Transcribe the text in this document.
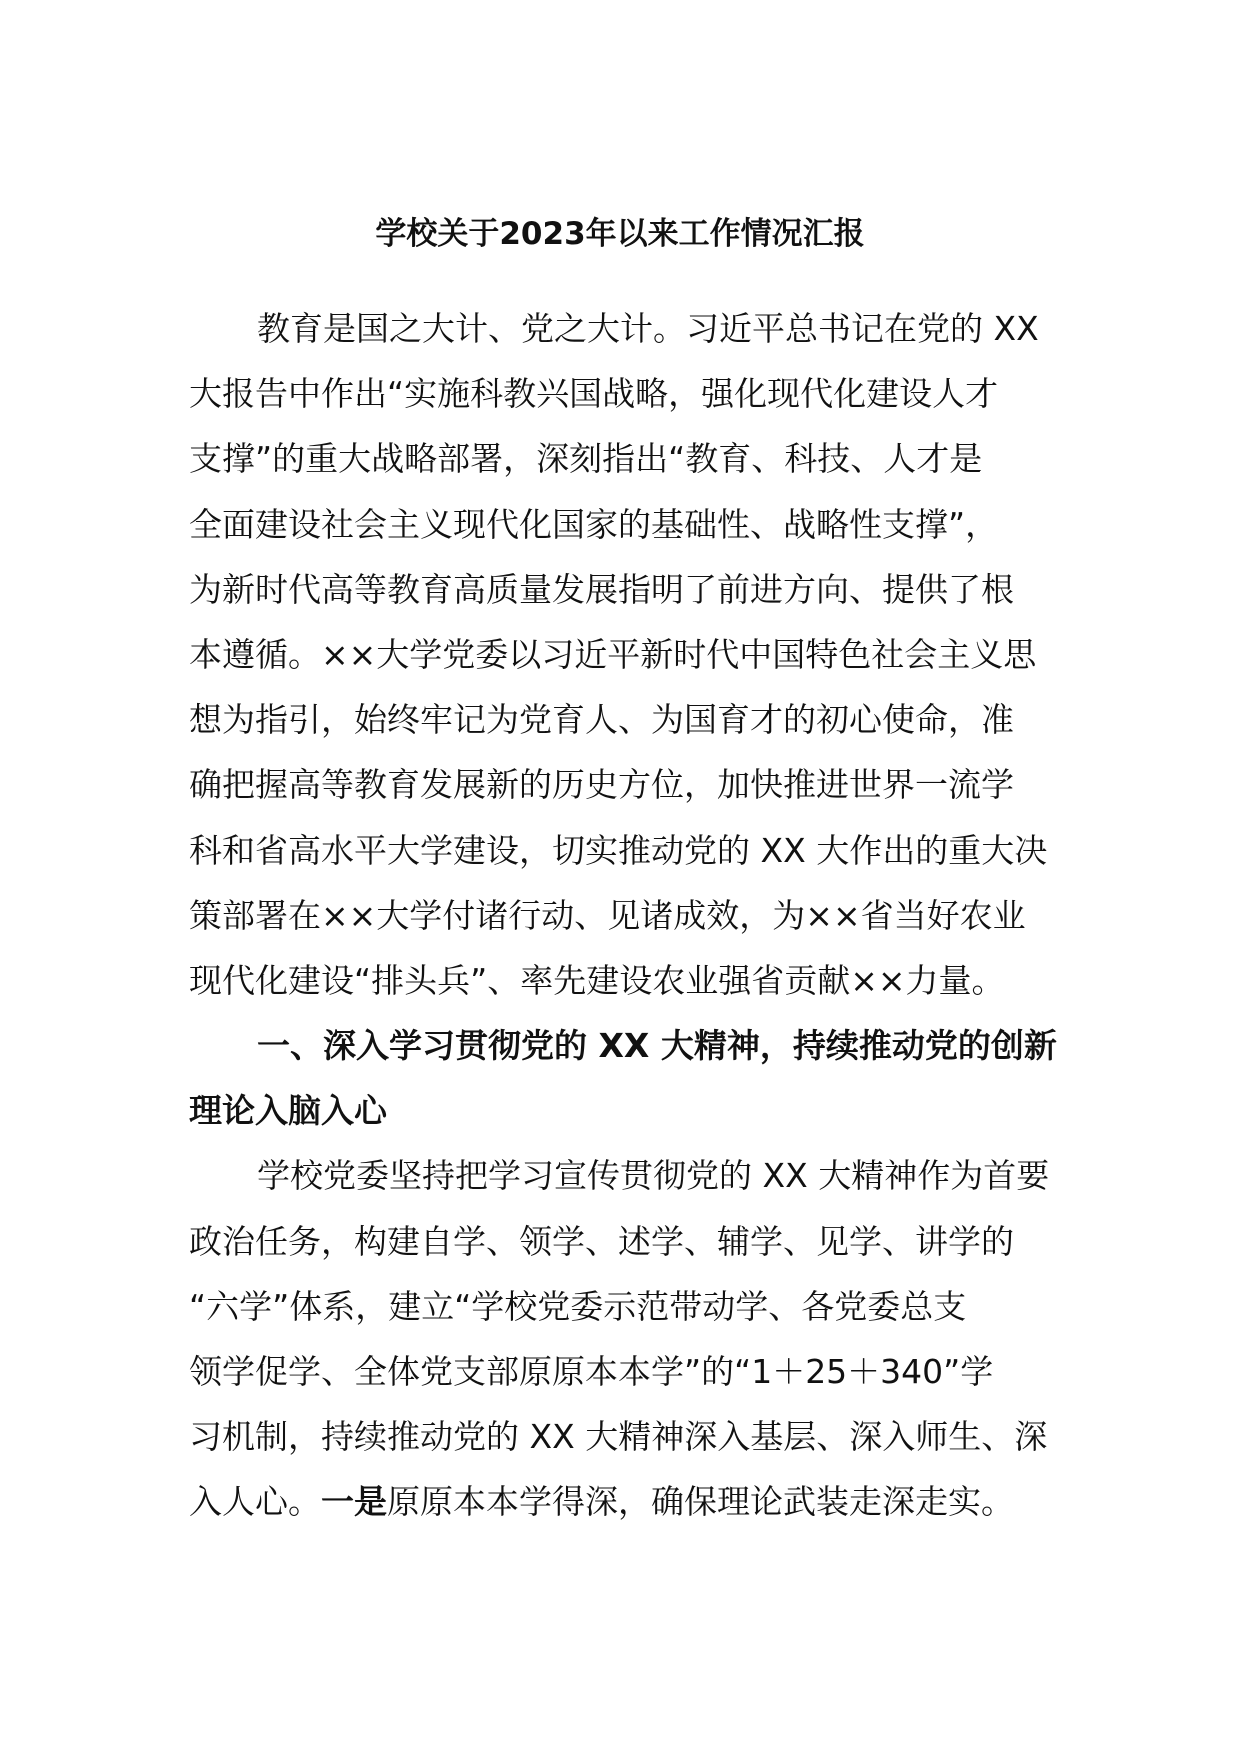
学校关于2023年以来工作情况汇报
教育是国之大计、党之大计。习近平总书记在党的 XX
大报告中作出“实施科教兴国战略，强化现代化建设人才
支撑”的重大战略部署，深刻指出“教育、科技、人才是
全面建设社会主义现代化国家的基础性、战略性支撑”，
为新时代高等教育高质量发展指明了前进方向、提供了根
本遵循。××大学党委以习近平新时代中国特色社会主义思
想为指引，始终牢记为党育人、为国育才的初心使命，准
确把握高等教育发展新的历史方位，加快推进世界一流学
科和省高水平大学建设，切实推动党的 XX 大作出的重大决
策部署在××大学付诸行动、见诸成效，为××省当好农业
现代化建设“排头兵”、率先建设农业强省贡献××力量。
一、深入学习贯彻党的 XX 大精神，持续推动党的创新
理论入脑入心
学校党委坚持把学习宣传贯彻党的 XX 大精神作为首要
政治任务，构建自学、领学、述学、辅学、见学、讲学的
“六学”体系，建立“学校党委示范带动学、各党委总支
领学促学、全体党支部原原本本学”的“1＋25＋340”学
习机制，持续推动党的 XX 大精神深入基层、深入师生、深
入人心。一是原原本本学得深，确保理论武装走深走实。
